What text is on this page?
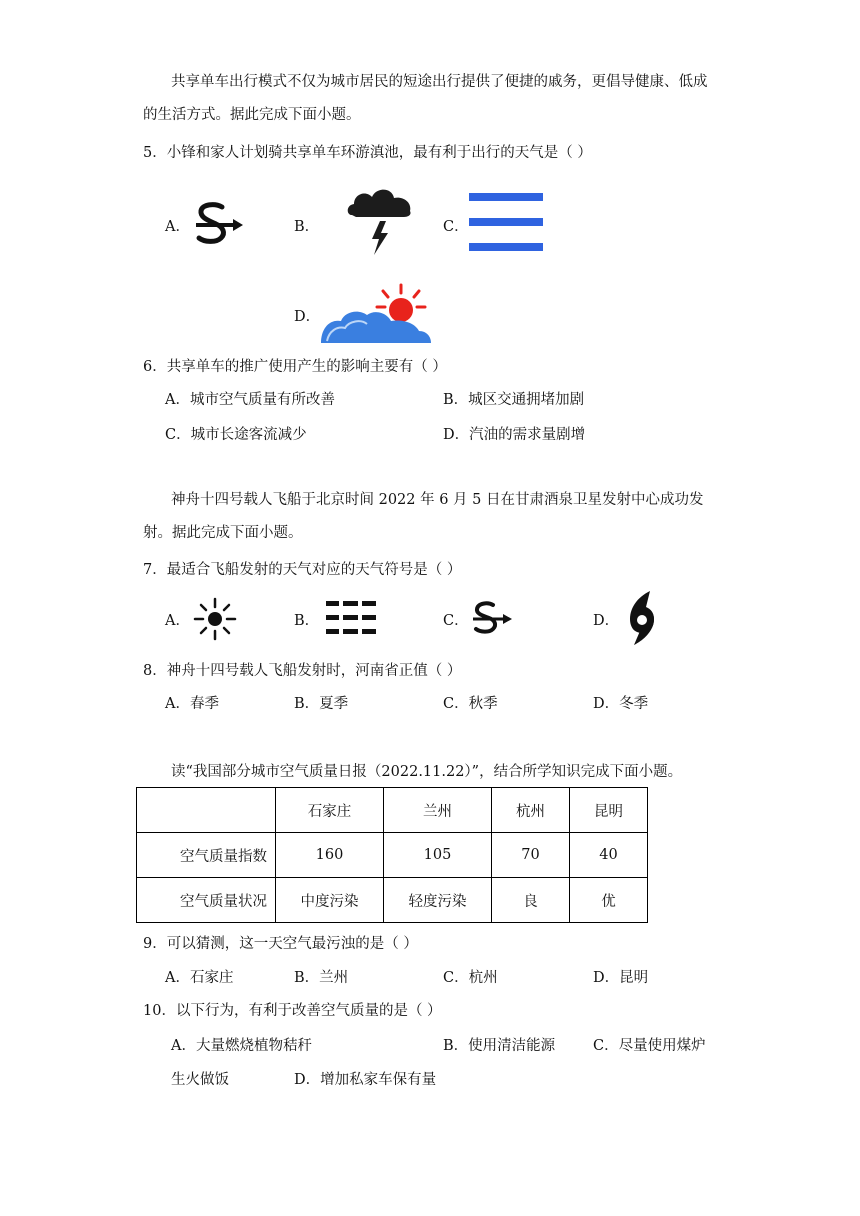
共享单车出行模式不仅为城市居民的短途出行提供了便捷的戚务，更倡导健康、低成的生活方式。据此完成下面小题。
5．小锋和家人计划骑共享单车环游滇池，最有利于出行的天气是（ ）
A．	B．	C．
D．
6．共享单车的推广使用产生的影响主要有（ ）
A．城市空气质量有所改善	B．城区交通拥堵加剧
C．城市长途客流减少	D．汽油的需求量剧增
神舟十四号载人飞船于北京时间 2022 年 6 月 5 日在甘肃酒泉卫星发射中心成功发射。据此完成下面小题。
7．最适合飞船发射的天气对应的天气符号是（ ）
A．	B．	C．	D．
8．神舟十四号载人飞船发射时，河南省正值（ ）
A．春季	B．夏季	C．秋季	D．冬季
读“我国部分城市空气质量日报（2022.11.22）”，结合所学知识完成下面小题。
	石家庄	兰州	杭州	昆明
空气质量指数	160	105	70	40
空气质量状况	中度污染	轻度污染	良	优
9．可以猜测，这一天空气最污浊的是（ ）
A．石家庄	B．兰州	C．杭州	D．昆明
10．以下行为，有利于改善空气质量的是（ ）
A．大量燃烧植物秸秆	B．使用清洁能源	C．尽量使用煤炉
生火做饭	D．增加私家车保有量
